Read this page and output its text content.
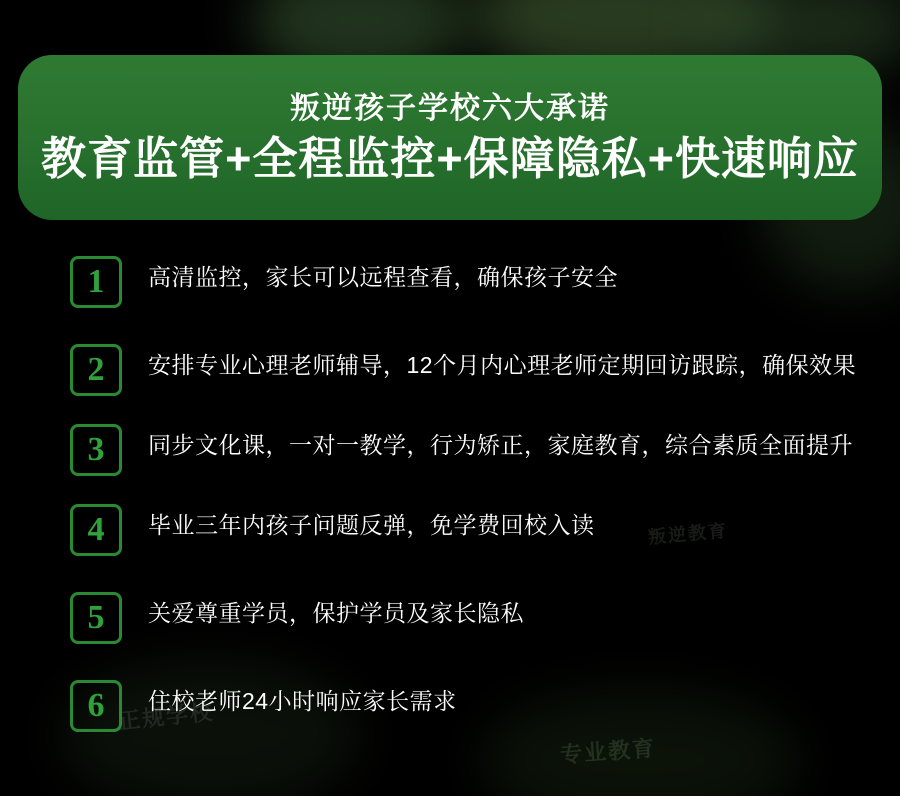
正规学校
专业教育
叛逆教育
叛逆孩子学校六大承诺
教育监管+全程监控+保障隐私+快速响应
1	高清监控，家长可以远程查看，确保孩子安全
2	安排专业心理老师辅导，12个月内心理老师定期回访跟踪，确保效果
3	同步文化课，一对一教学，行为矫正，家庭教育，综合素质全面提升
4	毕业三年内孩子问题反弹，免学费回校入读
5	关爱尊重学员，保护学员及家长隐私
6	住校老师24小时响应家长需求
